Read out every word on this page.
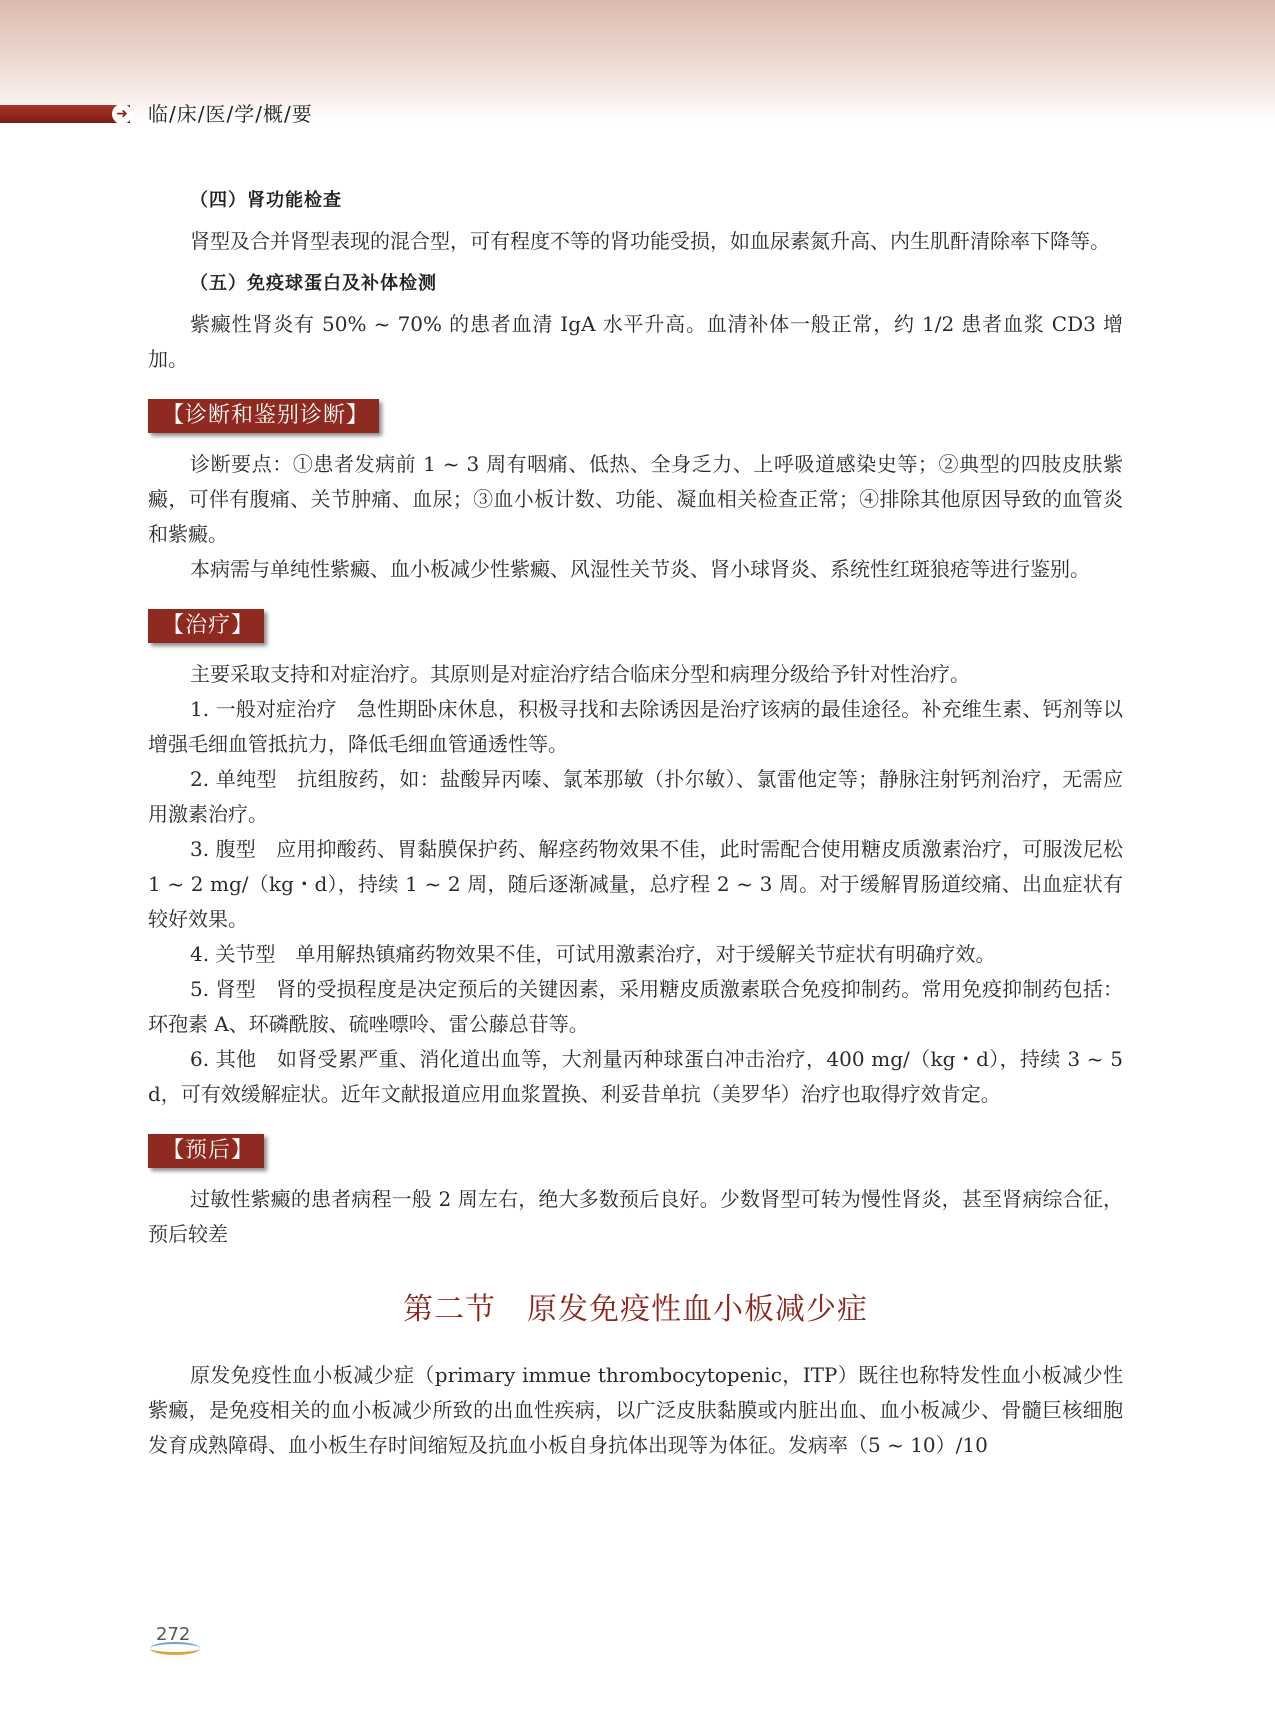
➜ 临/床/医/学/概/要
（四）肾功能检查

肾型及合并肾型表现的混合型，可有程度不等的肾功能受损，如血尿素氮升高、内生肌酐清除率下降等。

（五）免疫球蛋白及补体检测

紫癜性肾炎有 50% ~ 70% 的患者血清 IgA 水平升高。血清补体一般正常，约 1/2 患者血浆 CD3 增加。

【诊断和鉴别诊断】

诊断要点：①患者发病前 1 ~ 3 周有咽痛、低热、全身乏力、上呼吸道感染史等；②典型的四肢皮肤紫癜，可伴有腹痛、关节肿痛、血尿；③血小板计数、功能、凝血相关检查正常；④排除其他原因导致的血管炎和紫癜。

本病需与单纯性紫癜、血小板减少性紫癜、风湿性关节炎、肾小球肾炎、系统性红斑狼疮等进行鉴别。

【治疗】

主要采取支持和对症治疗。其原则是对症治疗结合临床分型和病理分级给予针对性治疗。

1. 一般对症治疗　急性期卧床休息，积极寻找和去除诱因是治疗该病的最佳途径。补充维生素、钙剂等以增强毛细血管抵抗力，降低毛细血管通透性等。

2. 单纯型　抗组胺药，如：盐酸异丙嗪、氯苯那敏（扑尔敏）、氯雷他定等；静脉注射钙剂治疗，无需应用激素治疗。

3. 腹型　应用抑酸药、胃黏膜保护药、解痉药物效果不佳，此时需配合使用糖皮质激素治疗，可服泼尼松 1 ~ 2 mg/（kg・d），持续 1 ~ 2 周，随后逐渐减量，总疗程 2 ~ 3 周。对于缓解胃肠道绞痛、出血症状有较好效果。

4. 关节型　单用解热镇痛药物效果不佳，可试用激素治疗，对于缓解关节症状有明确疗效。

5. 肾型　肾的受损程度是决定预后的关键因素，采用糖皮质激素联合免疫抑制药。常用免疫抑制药包括：环孢素 A、环磷酰胺、硫唑嘌呤、雷公藤总苷等。

6. 其他　如肾受累严重、消化道出血等，大剂量丙种球蛋白冲击治疗，400 mg/（kg・d），持续 3 ~ 5 d，可有效缓解症状。近年文献报道应用血浆置换、利妥昔单抗（美罗华）治疗也取得疗效肯定。

【预后】

过敏性紫癜的患者病程一般 2 周左右，绝大多数预后良好。少数肾型可转为慢性肾炎，甚至肾病综合征，预后较差

第二节　原发免疫性血小板减少症

原发免疫性血小板减少症（primary immue thrombocytopenic，ITP）既往也称特发性血小板减少性紫癜，是免疫相关的血小板减少所致的出血性疾病，以广泛皮肤黏膜或内脏出血、血小板减少、骨髓巨核细胞发育成熟障碍、血小板生存时间缩短及抗血小板自身抗体出现等为体征。发病率（5 ~ 10）/10

272
